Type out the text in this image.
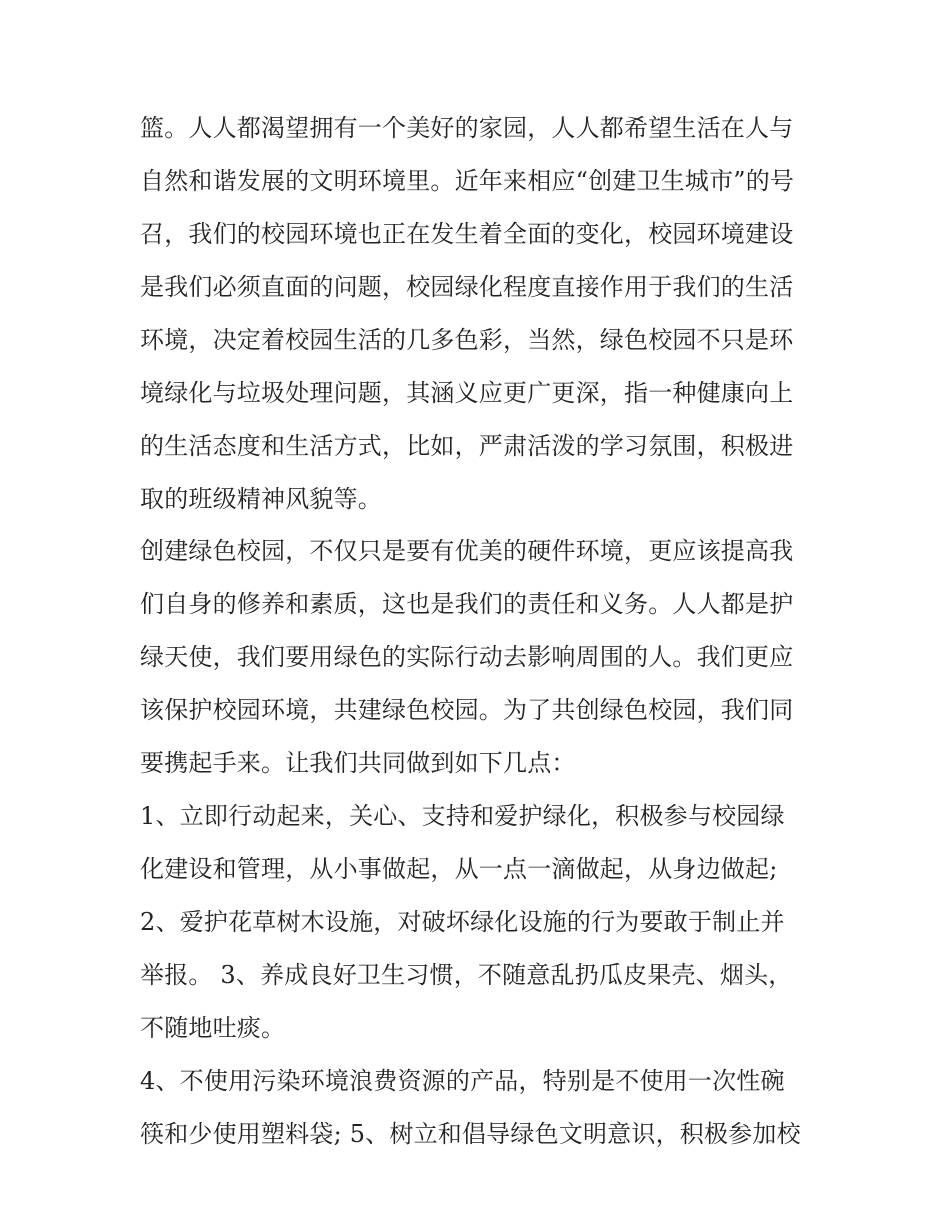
篮。人人都渴望拥有一个美好的家园，人人都希望生活在人与
自然和谐发展的文明环境里。近年来相应“创建卫生城市”的号
召，我们的校园环境也正在发生着全面的变化，校园环境建设
是我们必须直面的问题，校园绿化程度直接作用于我们的生活
环境，决定着校园生活的几多色彩，当然，绿色校园不只是环
境绿化与垃圾处理问题，其涵义应更广更深，指一种健康向上
的生活态度和生活方式，比如，严肃活泼的学习氛围，积极进
取的班级精神风貌等。
创建绿色校园，不仅只是要有优美的硬件环境，更应该提高我
们自身的修养和素质，这也是我们的责任和义务。人人都是护
绿天使，我们要用绿色的实际行动去影响周围的人。我们更应
该保护校园环境，共建绿色校园。为了共创绿色校园，我们同
要携起手来。让我们共同做到如下几点：
1、立即行动起来，关心、支持和爱护绿化，积极参与校园绿
化建设和管理，从小事做起，从一点一滴做起，从身边做起;
2、爱护花草树木设施，对破坏绿化设施的行为要敢于制止并
举报。 3、养成良好卫生习惯，不随意乱扔瓜皮果壳、烟头，
不随地吐痰。
4、不使用污染环境浪费资源的产品，特别是不使用一次性碗
筷和少使用塑料袋; 5、树立和倡导绿色文明意识，积极参加校
